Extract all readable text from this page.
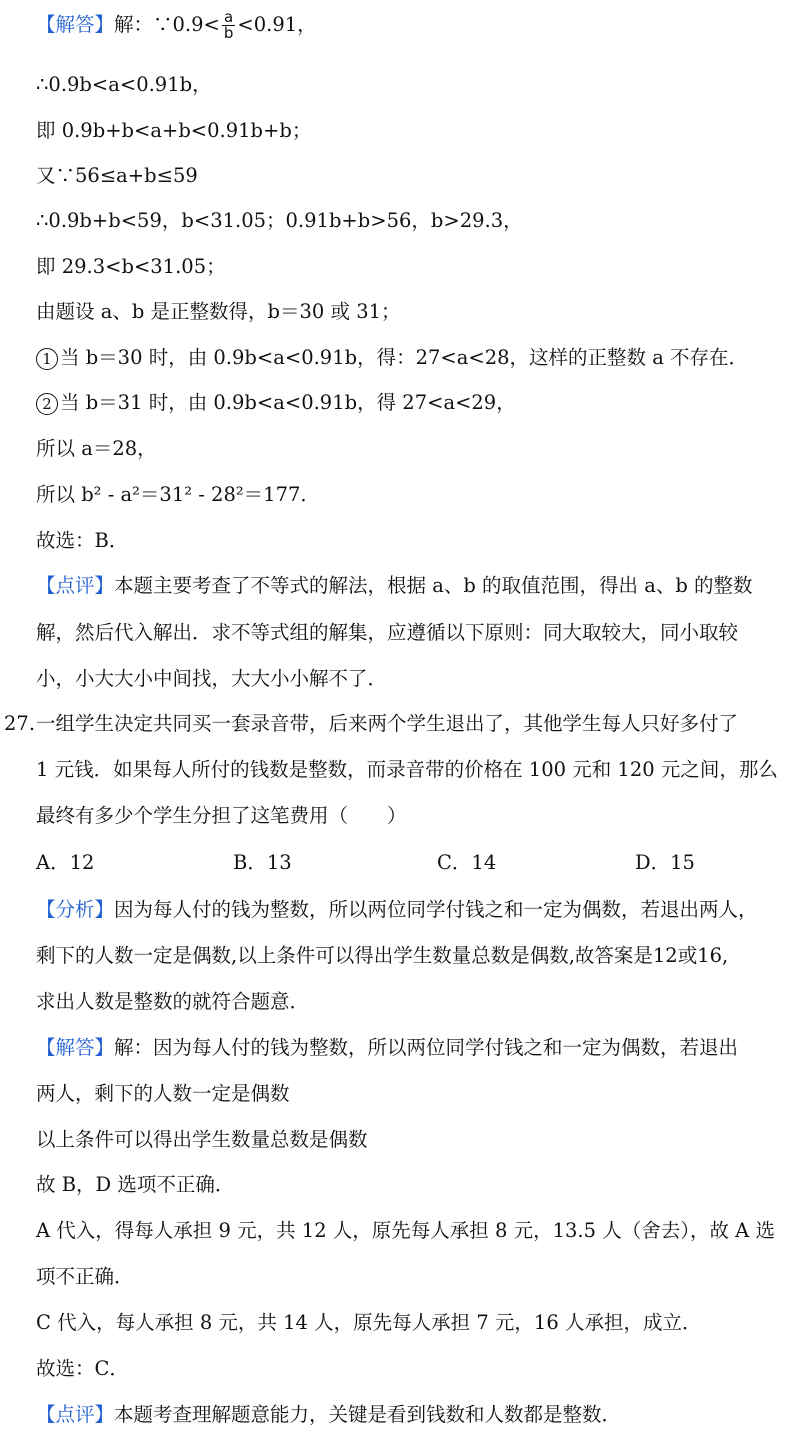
【解答】解：∵0.9< $\frac{a}{b} <0.91$，
∴0.9b<a<0.91b，
即 0.9b+b<a+b<0.91b+b；
又∵56≤a+b≤59
∴0.9b+b<59，b<31.05；0.91b+b>56，b>29.3，
即 29.3<b<31.05；
由题设 a、b 是正整数得，b＝30 或 31；
1 当 b＝30 时，由 0.9b<a<0.91b，得：27<a<28，这样的正整数 a 不存在．
2 当 b＝31 时，由 0.9b<a<0.91b，得 27<a<29，
所以 a＝28，
所以 b² - a²＝31² - 28²＝177．
故选：B．
【点评】本题主要考查了不等式的解法，根据 a、b 的取值范围，得出 a、b 的整数
解，然后代入解出．求不等式组的解集，应遵循以下原则：同大取较大，同小取较
小，小大大小中间找，大大小小解不了．
27. 一组学生决定共同买一套录音带，后来两个学生退出了，其他学生每人只好多付了
1 元钱．如果每人所付的钱数是整数，而录音带的价格在 100 元和 120 元之间，那么
最终有多少个学生分担了这笔费用（　　）
A．12	B．13	C．14	D．15
【分析】因为每人付的钱为整数，所以两位同学付钱之和一定为偶数，若退出两人，
剩下的人数一定是偶数,以上条件可以得出学生数量总数是偶数,故答案是12或16,
求出人数是整数的就符合题意．
【解答】解：因为每人付的钱为整数，所以两位同学付钱之和一定为偶数，若退出
两人，剩下的人数一定是偶数
以上条件可以得出学生数量总数是偶数
故 B，D 选项不正确．
A 代入，得每人承担 9 元，共 12 人，原先每人承担 8 元，13.5 人（舍去），故 A 选
项不正确．
C 代入，每人承担 8 元，共 14 人，原先每人承担 7 元，16 人承担，成立．
故选：C．
【点评】本题考查理解题意能力，关键是看到钱数和人数都是整数．
